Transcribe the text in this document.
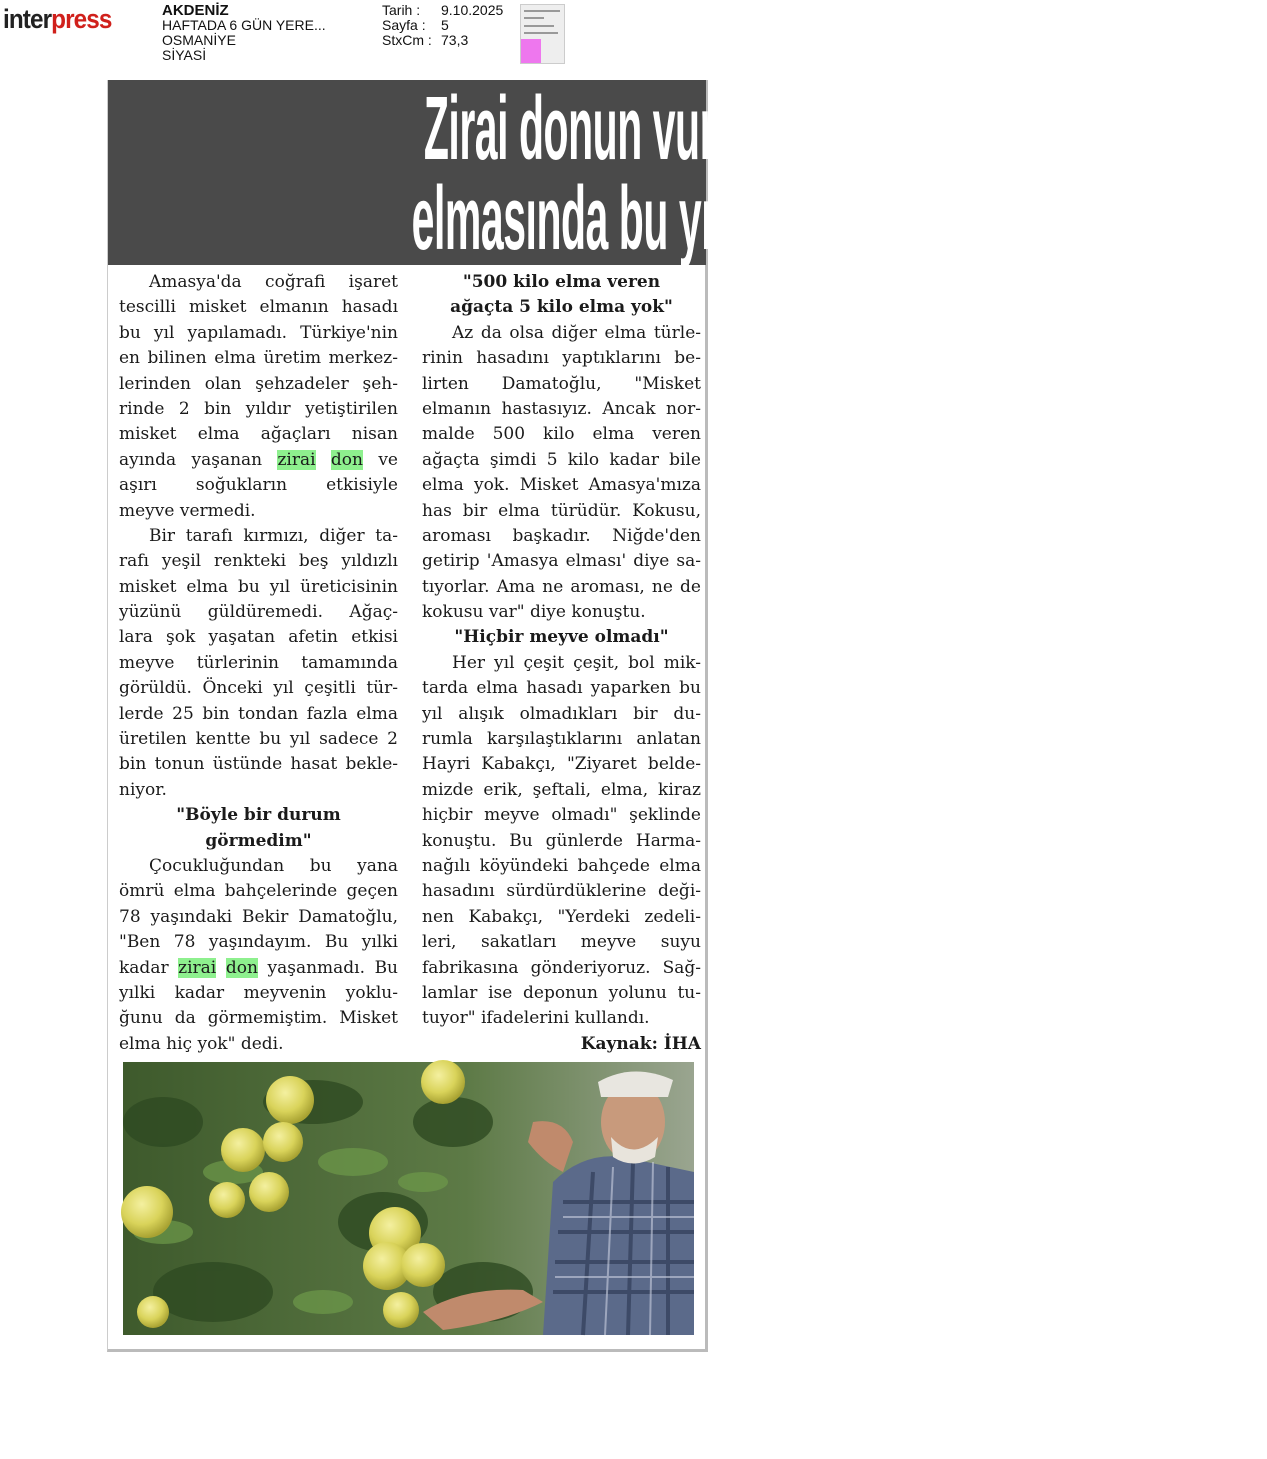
interpress	AKDENİZ
HAFTADA 6 GÜN YERE...
OSMANİYE
SİYASİ
Tarih :	9.10.2025
Sayfa :	5
StxCm : 73,3
Zirai donun vurduğu misket
elmasında bu yıl hasat yok
Amasya'da coğrafi işaret
tescilli misket elmanın hasadı
bu yıl yapılamadı. Türkiye'nin
en bilinen elma üretim merkez-
lerinden olan şehzadeler şeh-
rinde 2 bin yıldır yetiştirilen
misket elma ağaçları nisan
ayında yaşanan zirai don ve
aşırı soğukların etkisiyle
meyve vermedi.
Bir tarafı kırmızı, diğer ta-
rafı yeşil renkteki beş yıldızlı
misket elma bu yıl üreticisinin
yüzünü güldüremedi. Ağaç-
lara şok yaşatan afetin etkisi
meyve türlerinin tamamında
görüldü. Önceki yıl çeşitli tür-
lerde 25 bin tondan fazla elma
üretilen kentte bu yıl sadece 2
bin tonun üstünde hasat bekle-
niyor.
"Böyle bir durum
görmedim"
Çocukluğundan bu yana
ömrü elma bahçelerinde geçen
78 yaşındaki Bekir Damatoğlu,
"Ben 78 yaşındayım. Bu yılki
kadar zirai don yaşanmadı. Bu
yılki kadar meyvenin yoklu-
ğunu da görmemiştim. Misket
elma hiç yok" dedi.
"500 kilo elma veren
ağaçta 5 kilo elma yok"
Az da olsa diğer elma türle-
rinin hasadını yaptıklarını be-
lirten Damatoğlu, "Misket
elmanın hastasıyız. Ancak nor-
malde 500 kilo elma veren
ağaçta şimdi 5 kilo kadar bile
elma yok. Misket Amasya'mıza
has bir elma türüdür. Kokusu,
aroması başkadır. Niğde'den
getirip 'Amasya elması' diye sa-
tıyorlar. Ama ne aroması, ne de
kokusu var" diye konuştu.
"Hiçbir meyve olmadı"
Her yıl çeşit çeşit, bol mik-
tarda elma hasadı yaparken bu
yıl alışık olmadıkları bir du-
rumla karşılaştıklarını anlatan
Hayri Kabakçı, "Ziyaret belde-
mizde erik, şeftali, elma, kiraz
hiçbir meyve olmadı" şeklinde
konuştu. Bu günlerde Harma-
nağılı köyündeki bahçede elma
hasadını sürdürdüklerine deği-
nen Kabakçı, "Yerdeki zedeli-
leri, sakatları meyve suyu
fabrikasına gönderiyoruz. Sağ-
lamlar ise deponun yolunu tu-
tuyor" ifadelerini kullandı.
Kaynak: İHA
